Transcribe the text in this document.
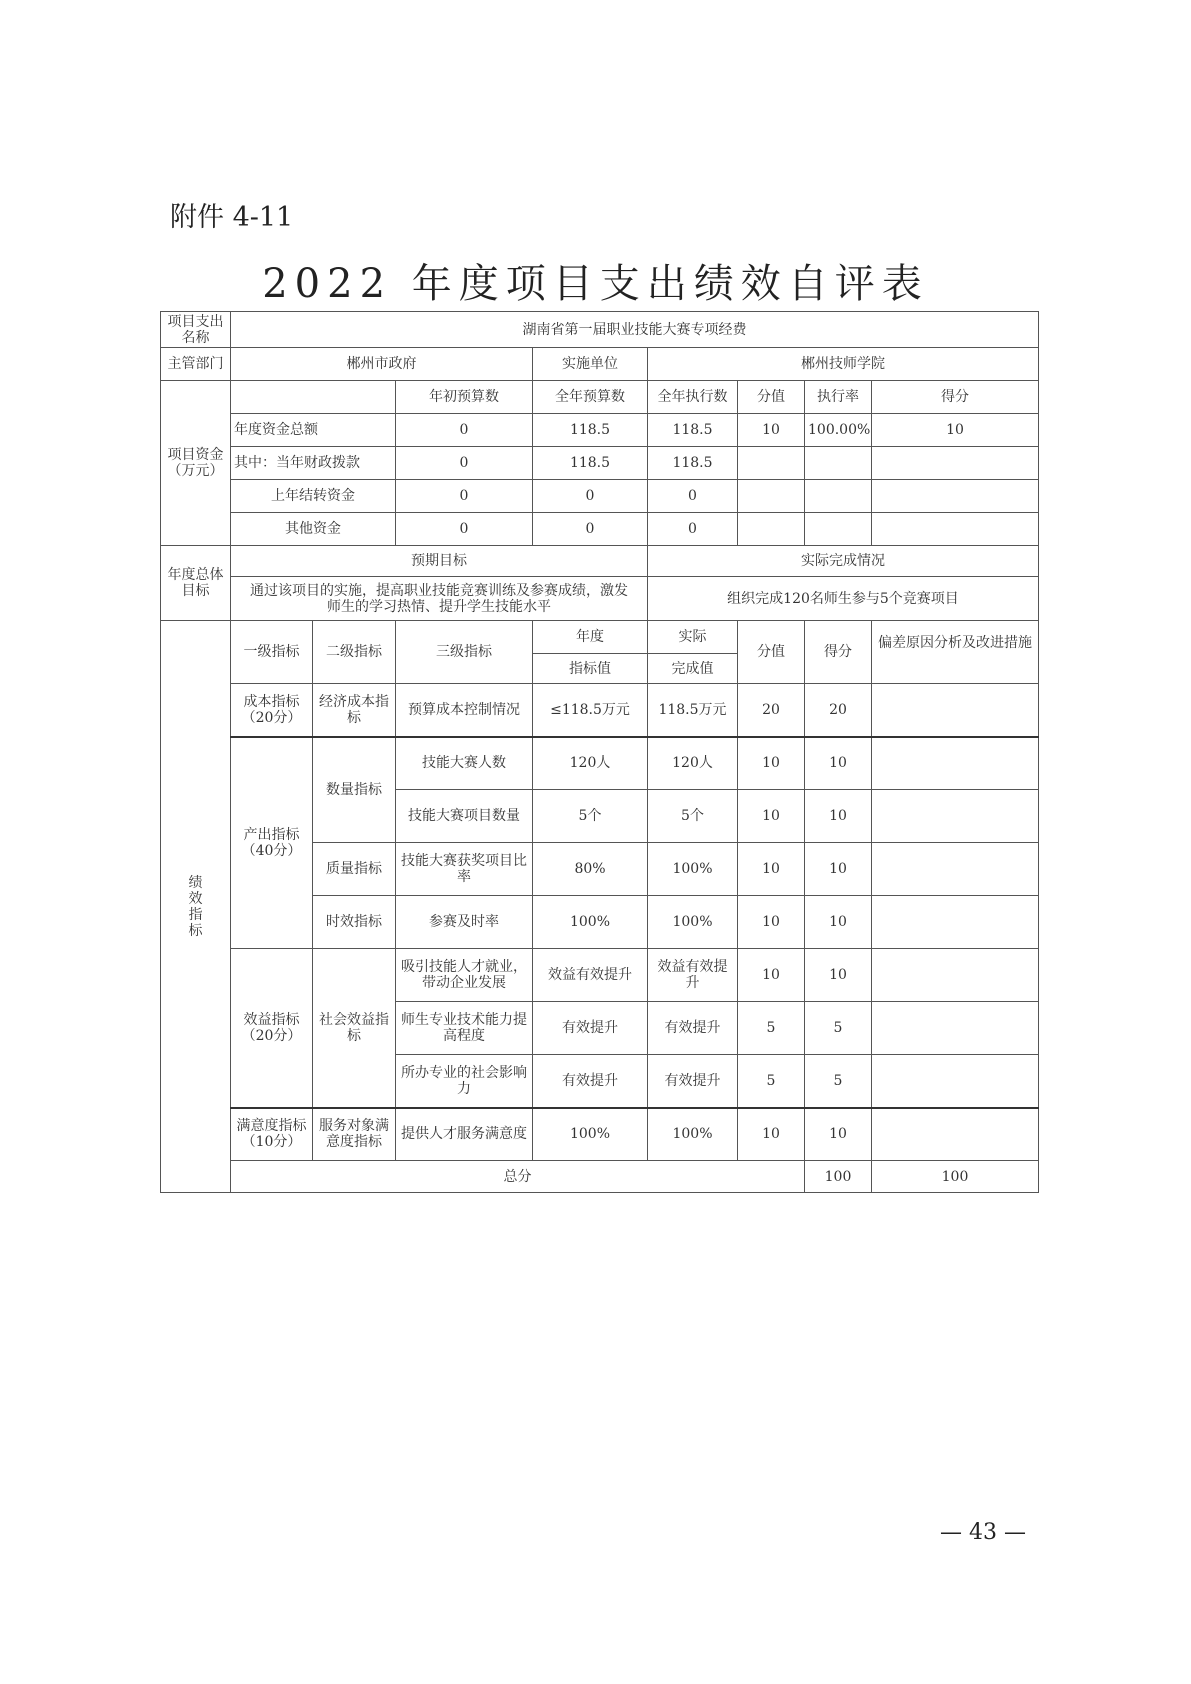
附件 4-11
2022 年度项目支出绩效自评表
项目支出名称	湖南省第一届职业技能大赛专项经费								
主管部门	郴州市政府			实施单位	郴州技师学院				
项目资金（万元）			年初预算数	全年预算数	全年执行数	分值	执行率	得分	
	年度资金总额		0	118.5	118.5	10	100.00%	10	
	其中：当年财政拨款		0	118.5	118.5				
	上年结转资金		0	0	0				
	其他资金		0	0	0				
年度总体目标	预期目标				实际完成情况				
	通过该项目的实施，提高职业技能竞赛训练及参赛成绩，激发师生的学习热情、提升学生技能水平				组织完成120名师生参与5个竞赛项目				
绩效指标	一级指标	二级指标	三级指标	年度	实际	分值	得分	偏差原因分析及改进措施	
				指标值	完成值				
	成本指标（20分）	经济成本指标	预算成本控制情况	≤118.5万元	118.5万元	20	20		
	产出指标（40分）	数量指标	技能大赛人数	120人	120人	10	10		
			技能大赛项目数量	5个	5个	10	10		
		质量指标	技能大赛获奖项目比率	80%	100%	10	10		
		时效指标	参赛及时率	100%	100%	10	10		
	效益指标（20分）	社会效益指标	吸引技能人才就业，带动企业发展	效益有效提升	效益有效提升	10	10		
			师生专业技术能力提高程度	有效提升	有效提升	5	5		
			所办专业的社会影响力	有效提升	有效提升	5	5		
	满意度指标（10分）	服务对象满意度指标	提供人才服务满意度	100%	100%	10	10		
	总分						100	100	
— 43 —
